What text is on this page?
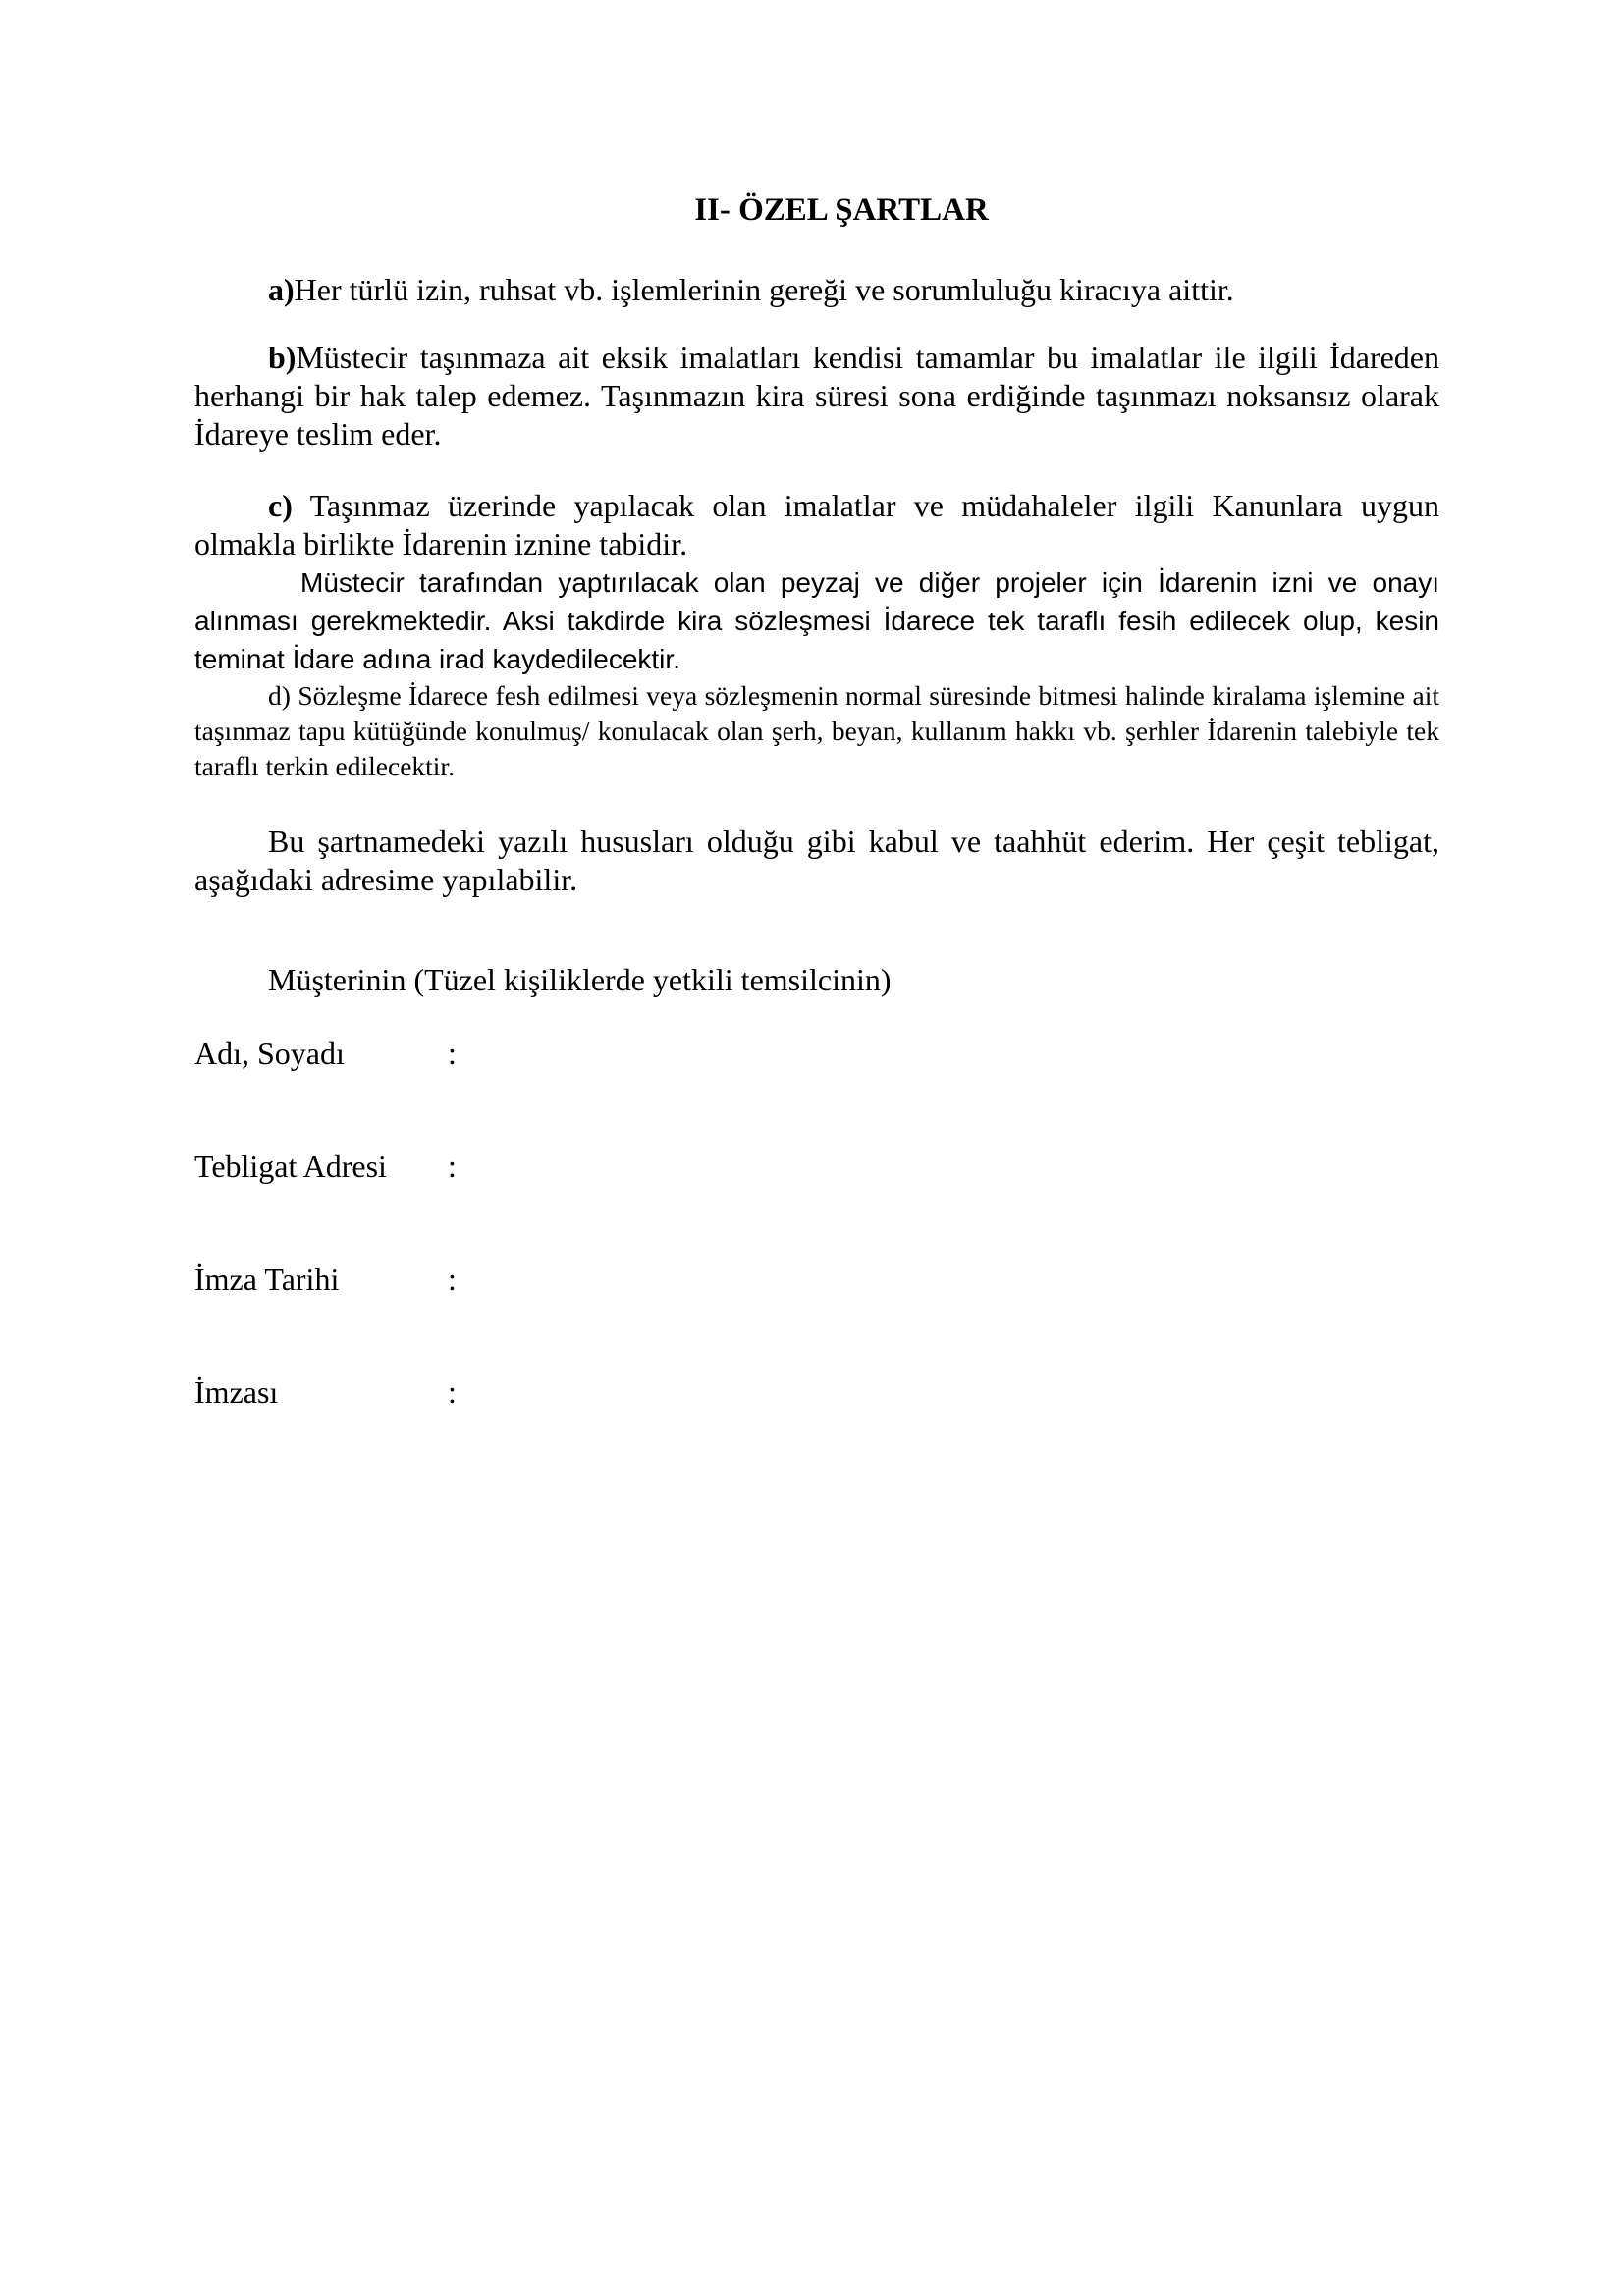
II- ÖZEL ŞARTLAR
a)Her türlü izin, ruhsat vb. işlemlerinin gereği ve sorumluluğu kiracıya aittir.
b)Müstecir taşınmaza ait eksik imalatları kendisi tamamlar bu imalatlar ile ilgili İdareden herhangi bir hak talep edemez. Taşınmazın kira süresi sona erdiğinde taşınmazı noksansız olarak İdareye teslim eder.
c) Taşınmaz üzerinde yapılacak olan imalatlar ve müdahaleler ilgili Kanunlara uygun olmakla birlikte İdarenin iznine tabidir.
Müstecir tarafından yaptırılacak olan peyzaj ve diğer projeler için İdarenin izni ve onayı alınması gerekmektedir. Aksi takdirde kira sözleşmesi İdarece tek taraflı fesih edilecek olup, kesin teminat İdare adına irad kaydedilecektir.
d) Sözleşme İdarece fesh edilmesi veya sözleşmenin normal süresinde bitmesi halinde kiralama işlemine ait taşınmaz tapu kütüğünde konulmuş/ konulacak olan şerh, beyan, kullanım hakkı vb. şerhler İdarenin talebiyle tek taraflı terkin edilecektir.
Bu şartnamedeki yazılı hususları olduğu gibi kabul ve taahhüt ederim. Her çeşit tebligat, aşağıdaki adresime yapılabilir.
Müşterinin (Tüzel kişiliklerde yetkili temsilcinin)
Adı, Soyadı	:
Tebligat Adresi :
İmza Tarihi	:
İmzası	:
